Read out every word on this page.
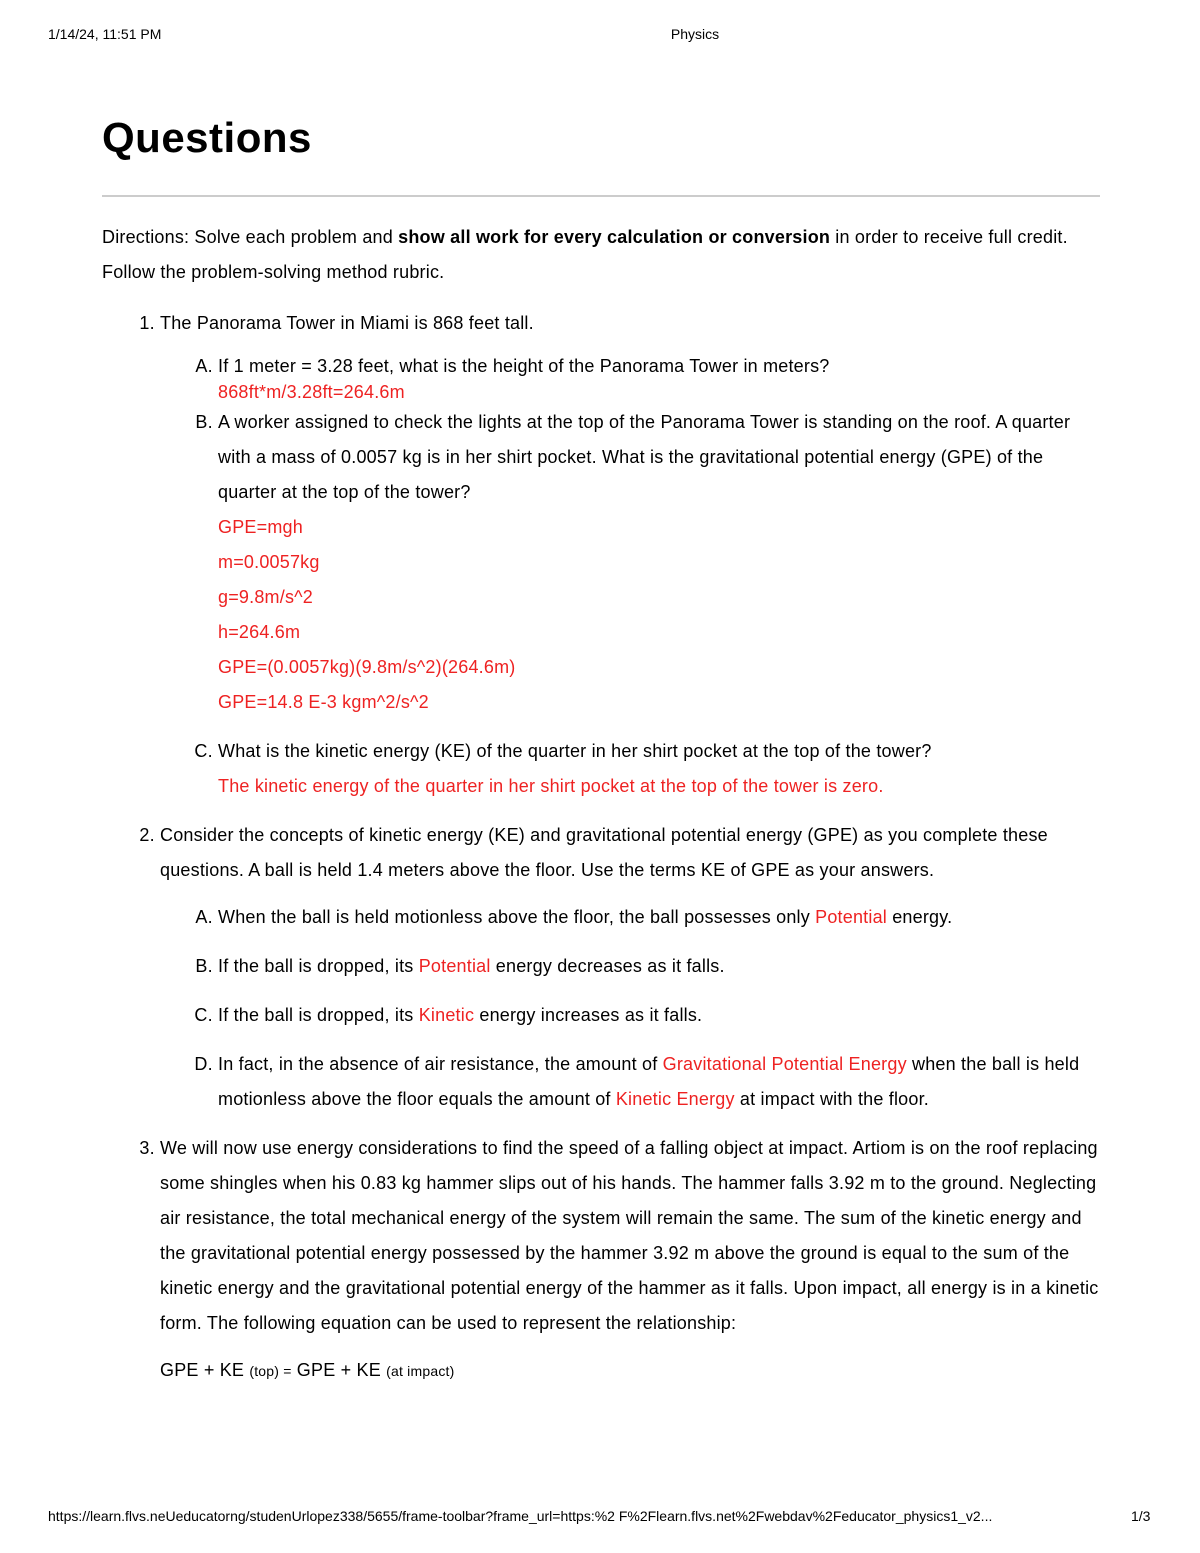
1/14/24, 11:51 PM	Physics
Questions

Directions: Solve each problem and show all work for every calculation or conversion in order to receive full credit. Follow the problem-solving method rubric.

1. The Panorama Tower in Miami is 868 feet tall.
A. If 1 meter = 3.28 feet, what is the height of the Panorama Tower in meters?
868ft*m/3.28ft=264.6m
B. A worker assigned to check the lights at the top of the Panorama Tower is standing on the roof. A quarter with a mass of 0.0057 kg is in her shirt pocket. What is the gravitational potential energy (GPE) of the quarter at the top of the tower?
GPE=mgh
m=0.0057kg
g=9.8m/s^2
h=264.6m
GPE=(0.0057kg)(9.8m/s^2)(264.6m)
GPE=14.8 E-3 kgm^2/s^2
C. What is the kinetic energy (KE) of the quarter in her shirt pocket at the top of the tower?
The kinetic energy of the quarter in her shirt pocket at the top of the tower is zero.
2. Consider the concepts of kinetic energy (KE) and gravitational potential energy (GPE) as you complete these questions. A ball is held 1.4 meters above the floor. Use the terms KE of GPE as your answers.
A. When the ball is held motionless above the floor, the ball possesses only Potential energy.
B. If the ball is dropped, its Potential energy decreases as it falls.
C. If the ball is dropped, its Kinetic energy increases as it falls.
D. In fact, in the absence of air resistance, the amount of Gravitational Potential Energy when the ball is held motionless above the floor equals the amount of Kinetic Energy at impact with the floor.
3. We will now use energy considerations to find the speed of a falling object at impact. Artiom is on the roof replacing some shingles when his 0.83 kg hammer slips out of his hands. The hammer falls 3.92 m to the ground. Neglecting air resistance, the total mechanical energy of the system will remain the same. The sum of the kinetic energy and the gravitational potential energy possessed by the hammer 3.92 m above the ground is equal to the sum of the kinetic energy and the gravitational potential energy of the hammer as it falls. Upon impact, all energy is in a kinetic form. The following equation can be used to represent the relationship:
GPE + KE (top) = GPE + KE (at impact)
https://learn.flvs.neUeducatorng/studenUrlopez338/5655/frame-toolbar?frame_url=https:%2 F%2Flearn.flvs.net%2Fwebdav%2Feducator_physics1_v2...	1/3
